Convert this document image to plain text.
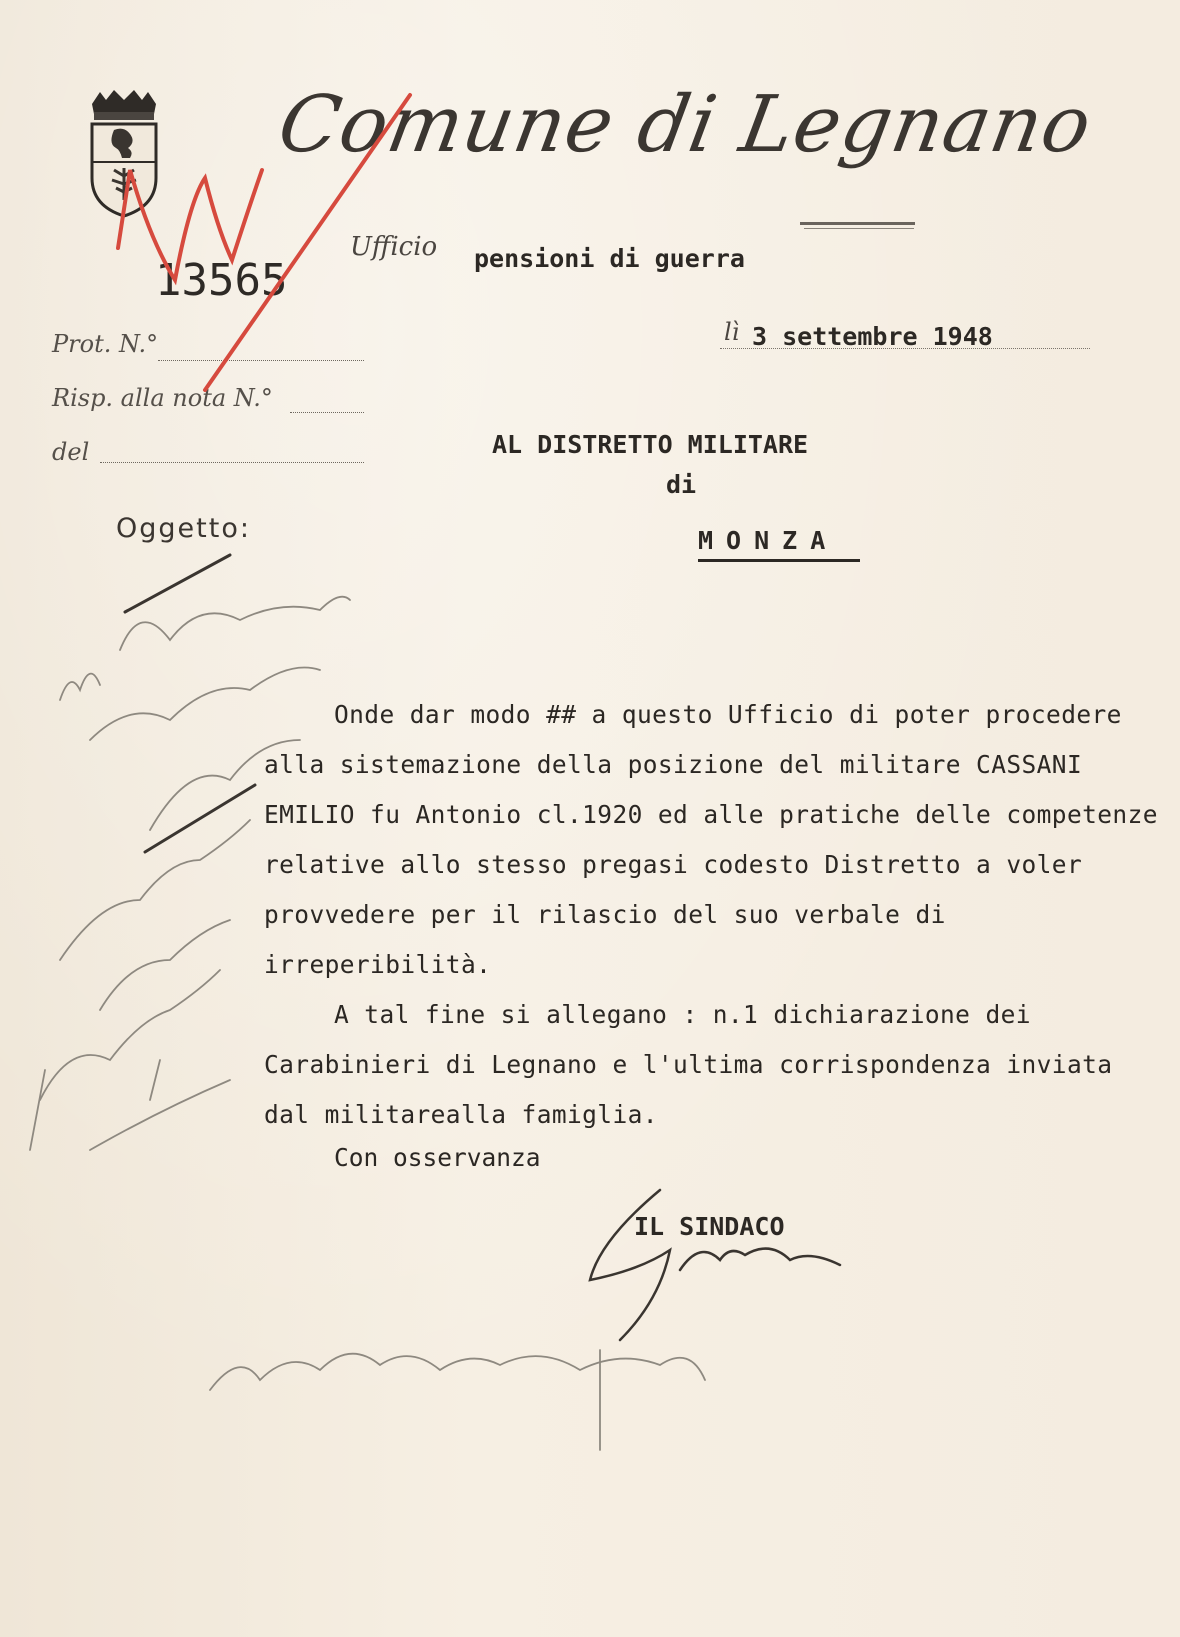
Comune di Legnano
Ufficio pensioni di guerra
13565
lì 3 settembre 1948
Prot. N.°
Risp. alla nota N.°
del
Oggetto:
AL DISTRETTO MILITARE
di
MONZA

Onde dar modo ## a questo Ufficio di poter procedere alla sistemazione della posizione del militare CASSANI EMILIO fu Antonio cl.1920 ed alle pratiche delle competenze relative allo stesso pregasi codesto Distretto a voler provvedere per il rilascio del suo verbale di irreperibilità.

A tal fine si allegano : n.1 dichiarazione dei Carabinieri di Legnano e l'ultima corrispondenza inviata dal militarealla famiglia.

Con osservanza
IL SINDACO
